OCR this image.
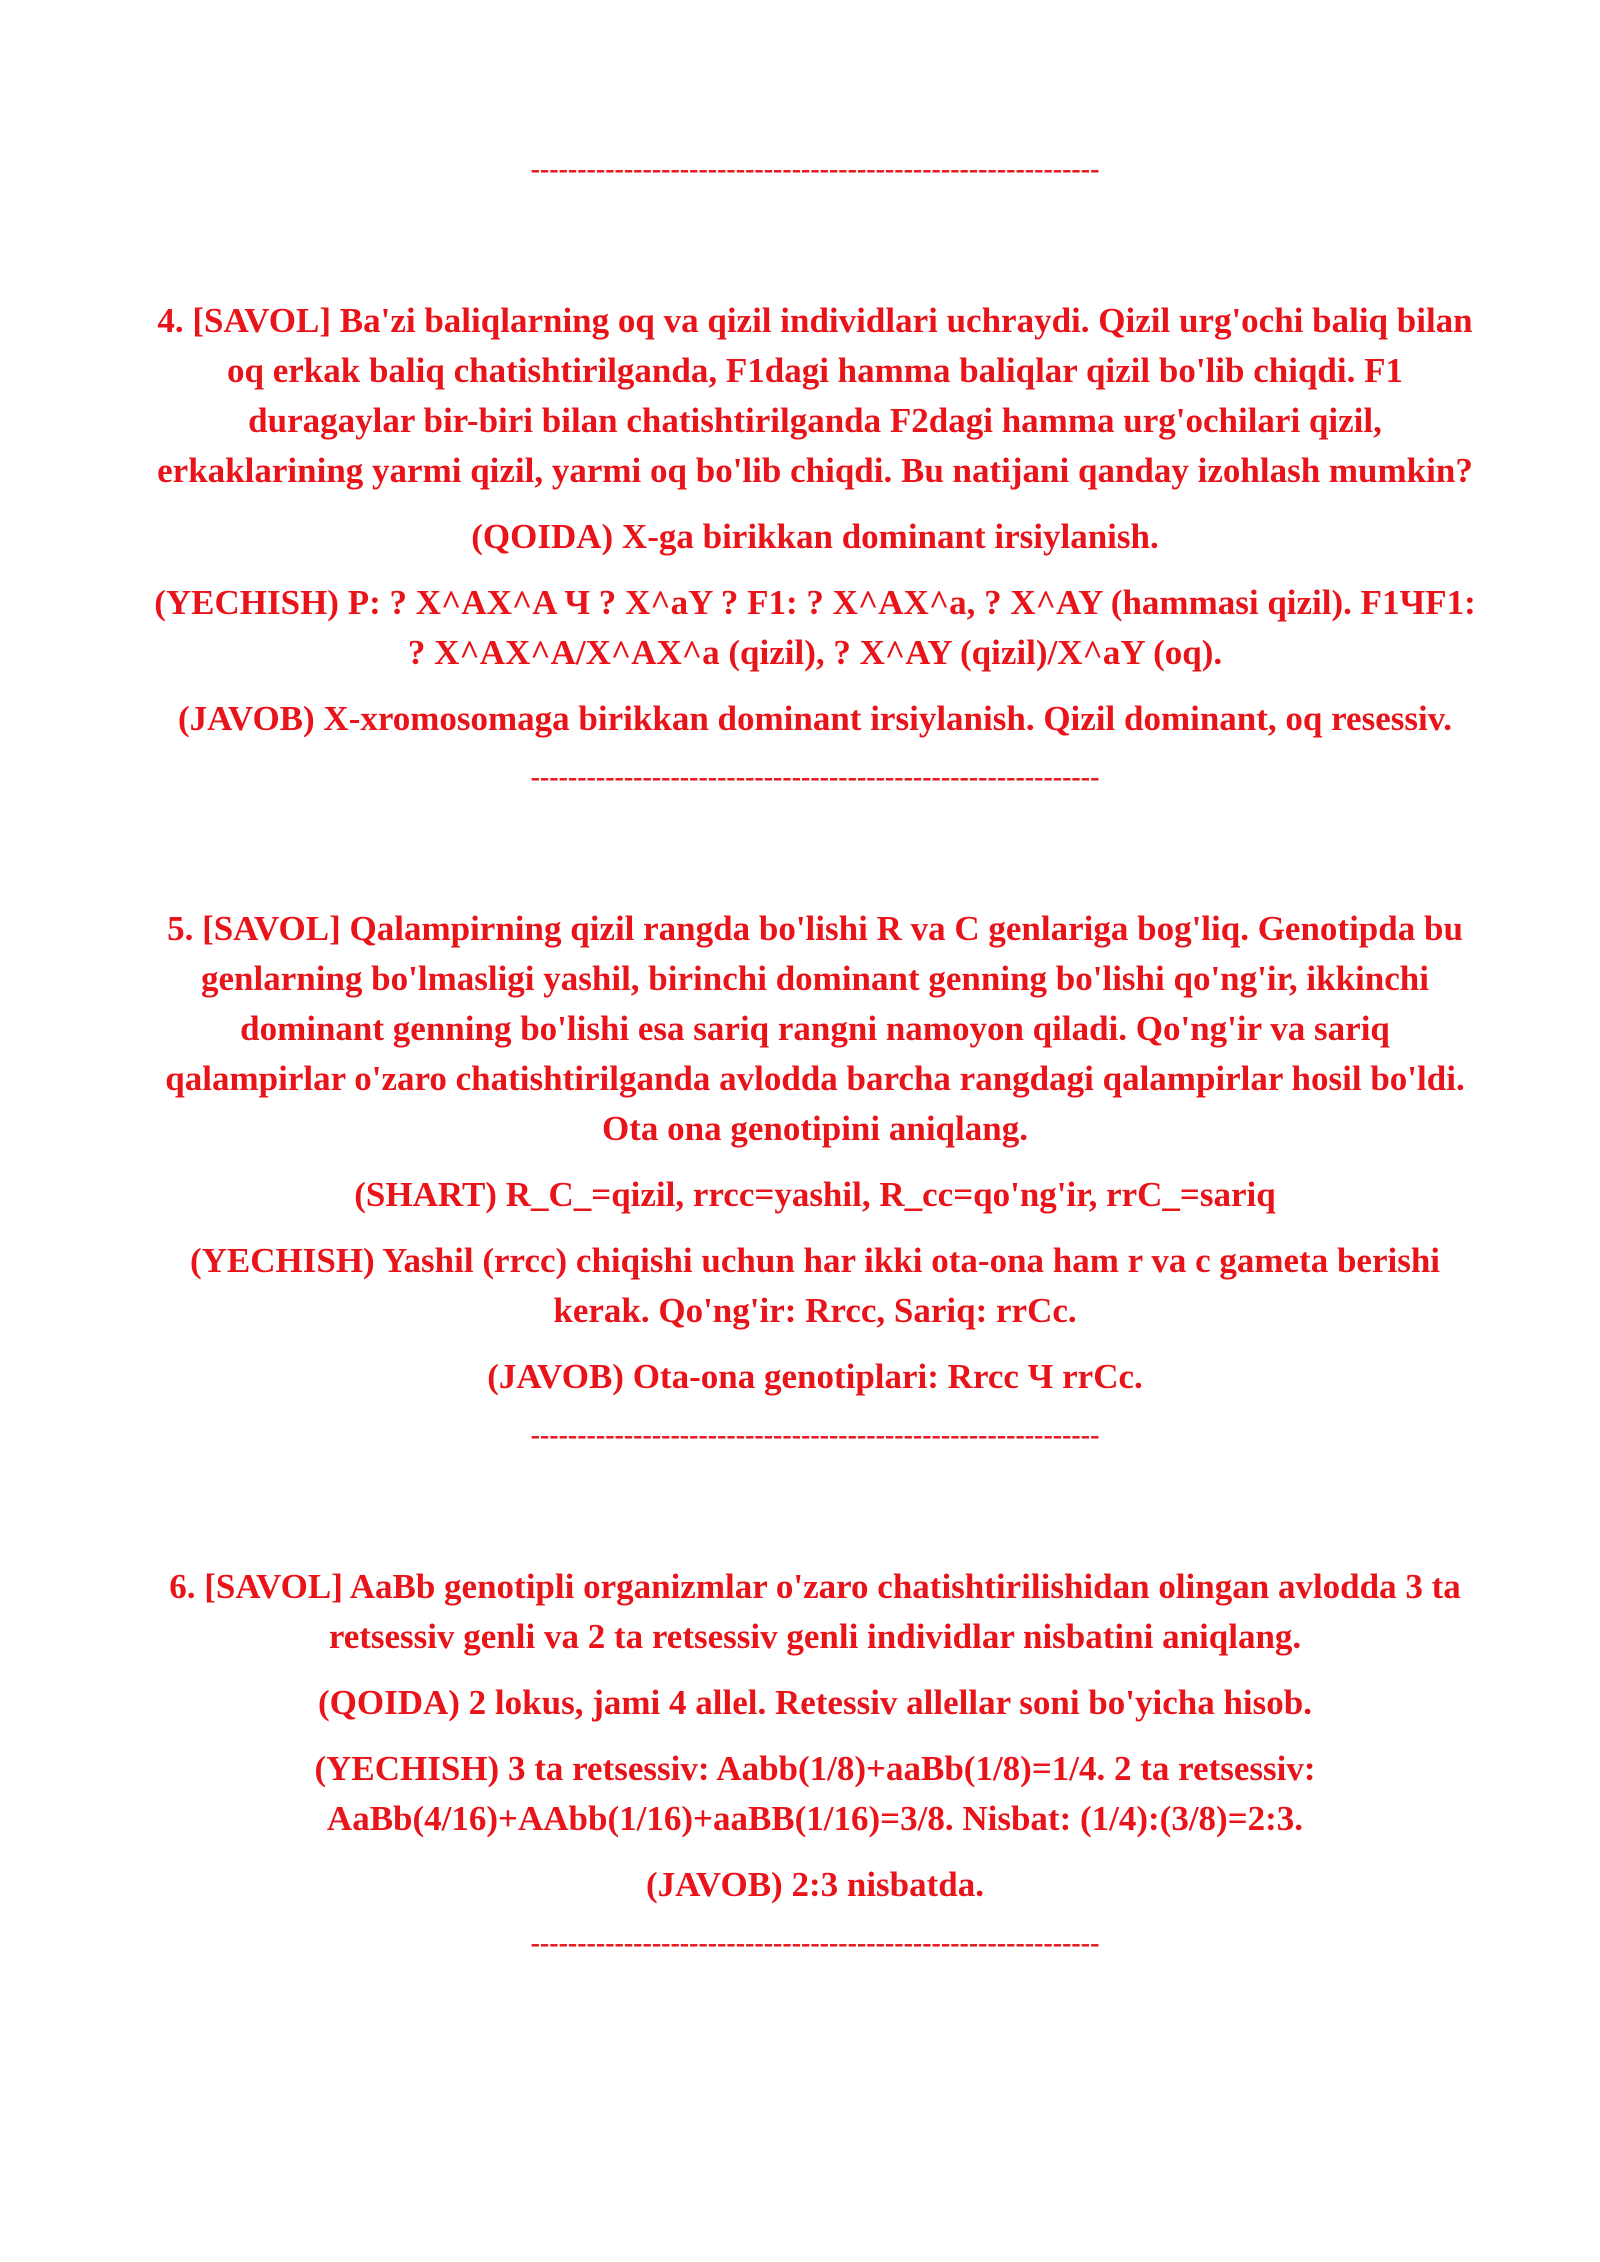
-------------------------------------------------------------

4. [SAVOL] Ba'zi baliqlarning oq va qizil individlari uchraydi. Qizil urg'ochi baliq bilan oq erkak baliq chatishtirilganda, F1dagi hamma baliqlar qizil bo'lib chiqdi. F1 duragaylar bir-biri bilan chatishtirilganda F2dagi hamma urg'ochilari qizil, erkaklarining yarmi qizil, yarmi oq bo'lib chiqdi. Bu natijani qanday izohlash mumkin?

(QOIDA) X-ga birikkan dominant irsiylanish.

(YECHISH) P: ? X^AX^A Ч ? X^aY ? F1: ? X^AX^a, ? X^AY (hammasi qizil). F1ЧF1: ? X^AX^A/X^AX^a (qizil), ? X^AY (qizil)/X^aY (oq).

(JAVOB) X-xromosomaga birikkan dominant irsiylanish. Qizil dominant, oq resessiv.

-------------------------------------------------------------

5. [SAVOL] Qalampirning qizil rangda bo'lishi R va C genlariga bog'liq. Genotipda bu genlarning bo'lmasligi yashil, birinchi dominant genning bo'lishi qo'ng'ir, ikkinchi dominant genning bo'lishi esa sariq rangni namoyon qiladi. Qo'ng'ir va sariq qalampirlar o'zaro chatishtirilganda avlodda barcha rangdagi qalampirlar hosil bo'ldi. Ota ona genotipini aniqlang.

(SHART) R_C_=qizil, rrcc=yashil, R_cc=qo'ng'ir, rrC_=sariq

(YECHISH) Yashil (rrcc) chiqishi uchun har ikki ota-ona ham r va c gameta berishi kerak. Qo'ng'ir: Rrcc, Sariq: rrCc.

(JAVOB) Ota-ona genotiplari: Rrcc Ч rrCc.

-------------------------------------------------------------

6. [SAVOL] AaBb genotipli organizmlar o'zaro chatishtirilishidan olingan avlodda 3 ta retsessiv genli va 2 ta retsessiv genli individlar nisbatini aniqlang.

(QOIDA) 2 lokus, jami 4 allel. Retessiv allellar soni bo'yicha hisob.

(YECHISH) 3 ta retsessiv: Aabb(1/8)+aaBb(1/8)=1/4. 2 ta retsessiv: AaBb(4/16)+AAbb(1/16)+aaBB(1/16)=3/8. Nisbat: (1/4):(3/8)=2:3.

(JAVOB) 2:3 nisbatda.

-------------------------------------------------------------
